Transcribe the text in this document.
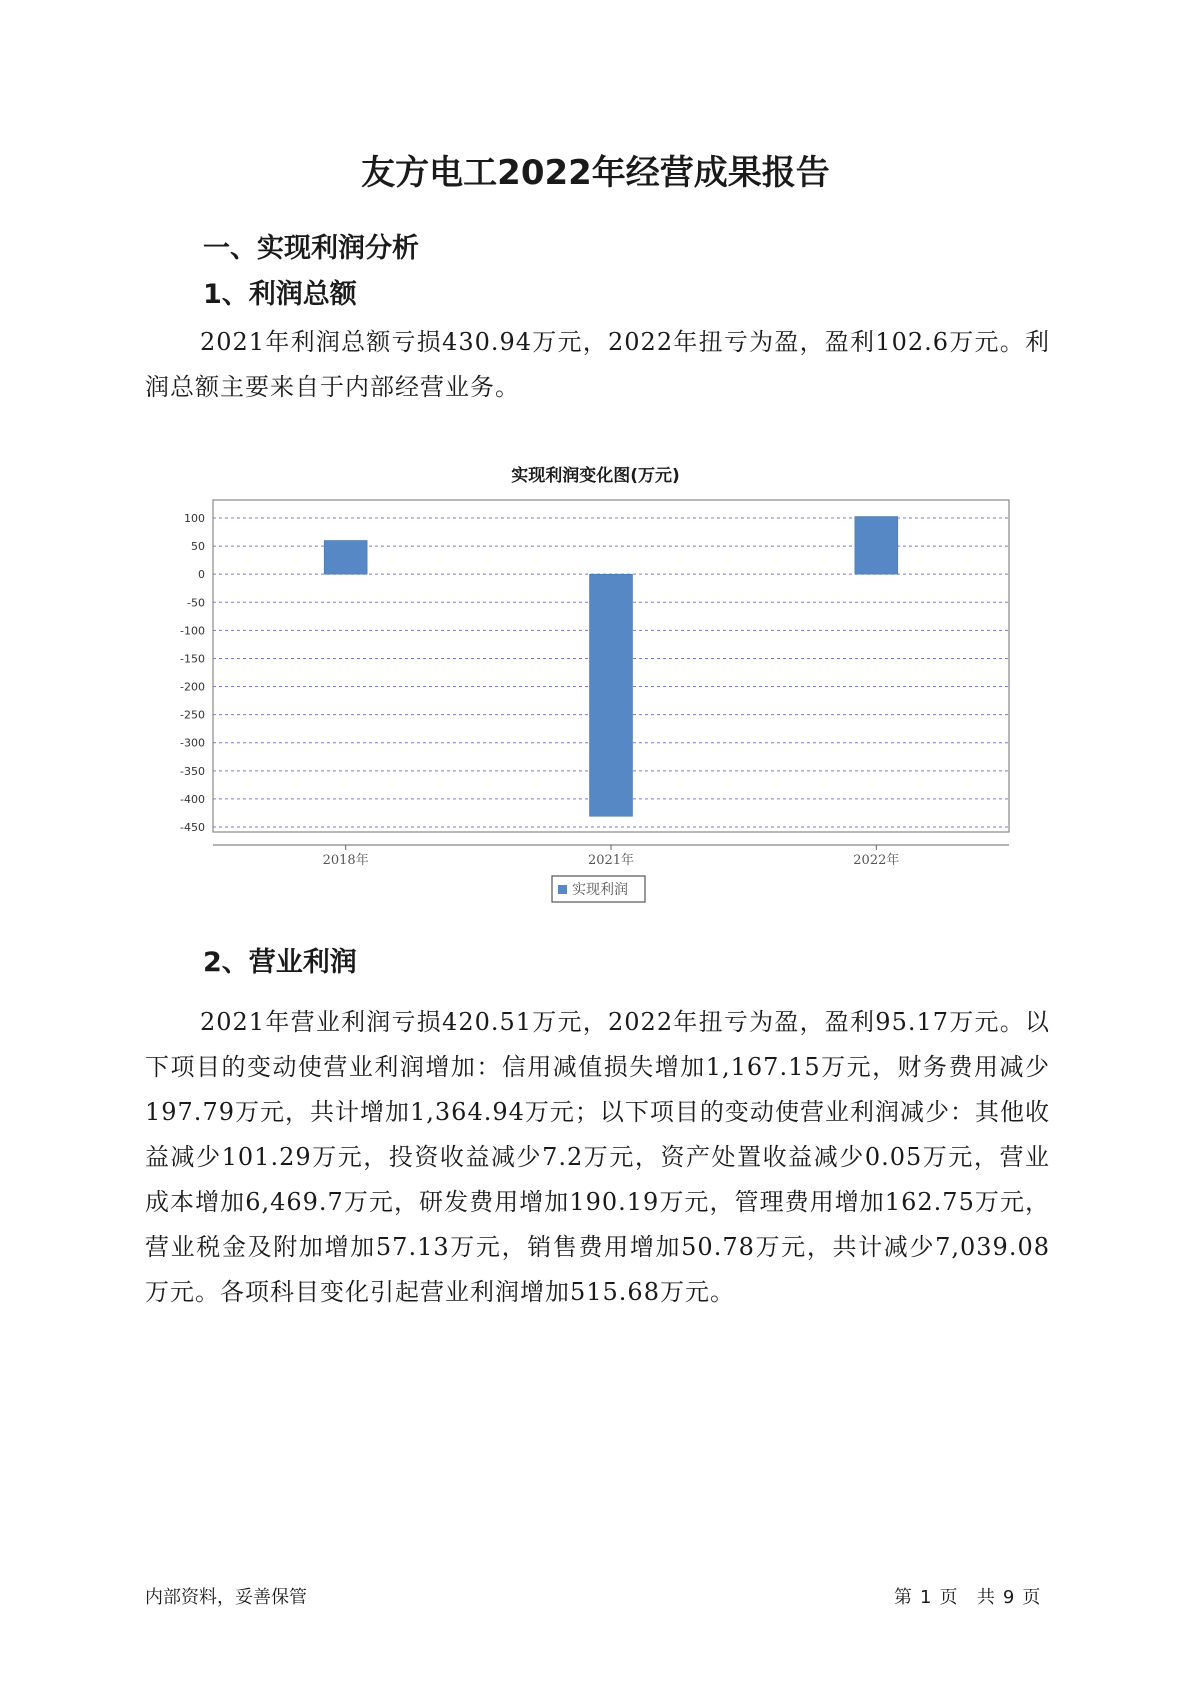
友方电工2022年经营成果报告
一、实现利润分析
1、利润总额

2021年利润总额亏损430.94万元，2022年扭亏为盈，盈利102.6万元。利润总额主要来自于内部经营业务。

实现利润变化图(万元)
100
50
0
-50
-100
-150
-200
-250
-300
-350
-400
-450
2018年	2021年	2022年
实现利润
2、营业利润

2021年营业利润亏损420.51万元，2022年扭亏为盈，盈利95.17万元。以下项目的变动使营业利润增加：信用减值损失增加1,167.15万元，财务费用减少197.79万元，共计增加1,364.94万元；以下项目的变动使营业利润减少：其他收益减少101.29万元，投资收益减少7.2万元，资产处置收益减少0.05万元，营业成本增加6,469.7万元，研发费用增加190.19万元，管理费用增加162.75万元，营业税金及附加增加57.13万元，销售费用增加50.78万元，共计减少7,039.08万元。各项科目变化引起营业利润增加515.68万元。

内部资料，妥善保管	第 1 页 共 9 页
